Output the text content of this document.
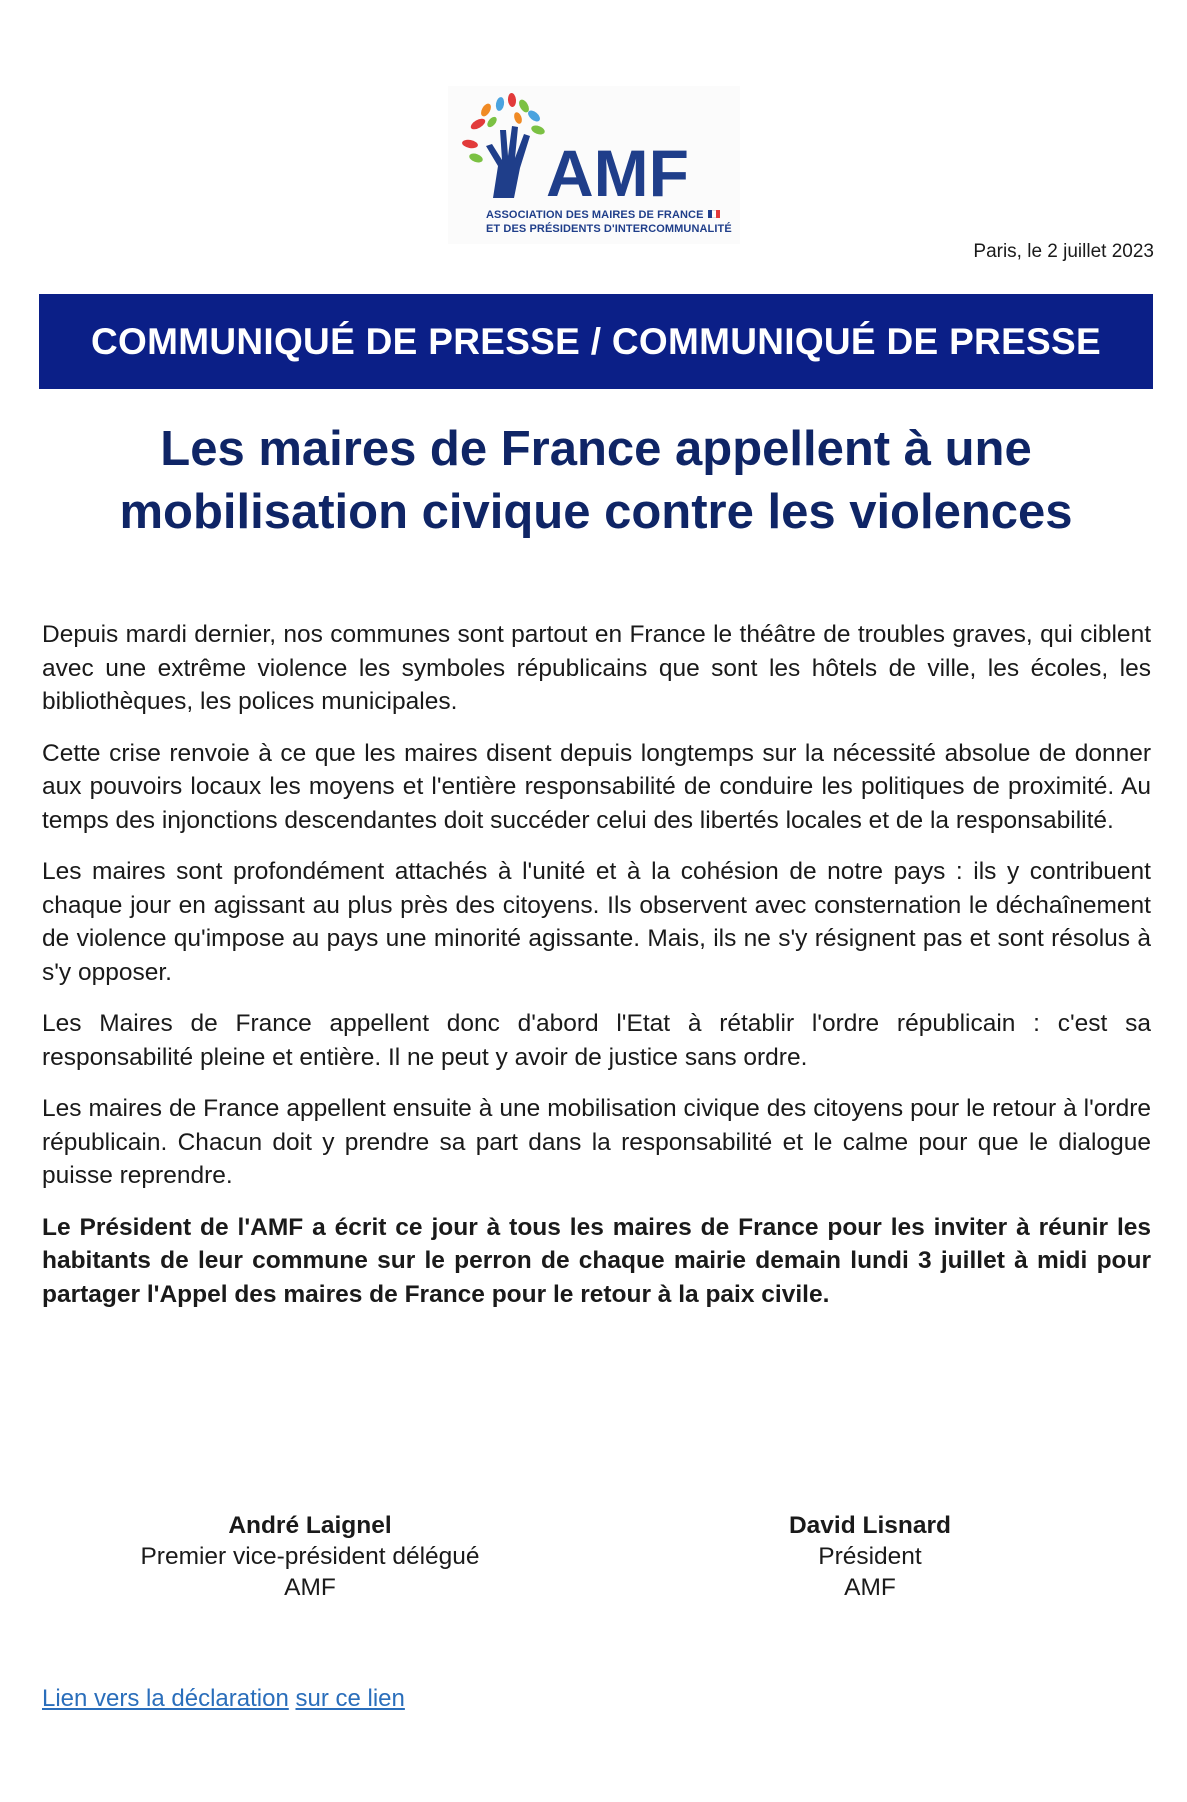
AMF
ASSOCIATION DES MAIRES DE FRANCE
ET DES PRÉSIDENTS D'INTERCOMMUNALITÉ
Paris, le 2 juillet 2023
COMMUNIQUÉ DE PRESSE / COMMUNIQUÉ DE PRESSE
Les maires de France appellent à une
mobilisation civique contre les violences

Depuis mardi dernier, nos communes sont partout en France le théâtre de troubles graves, qui ciblent avec une extrême violence les symboles républicains que sont les hôtels de ville, les écoles, les bibliothèques, les polices municipales.

Cette crise renvoie à ce que les maires disent depuis longtemps sur la nécessité absolue de donner aux pouvoirs locaux les moyens et l'entière responsabilité de conduire les politiques de proximité. Au temps des injonctions descendantes doit succéder celui des libertés locales et de la responsabilité.

Les maires sont profondément attachés à l'unité et à la cohésion de notre pays : ils y contribuent chaque jour en agissant au plus près des citoyens. Ils observent avec consternation le déchaînement de violence qu'impose au pays une minorité agissante. Mais, ils ne s'y résignent pas et sont résolus à s'y opposer.

Les Maires de France appellent donc d'abord l'Etat à rétablir l'ordre républicain : c'est sa responsabilité pleine et entière. Il ne peut y avoir de justice sans ordre.

Les maires de France appellent ensuite à une mobilisation civique des citoyens pour le retour à l'ordre républicain. Chacun doit y prendre sa part dans la responsabilité et le calme pour que le dialogue puisse reprendre.

Le Président de l'AMF a écrit ce jour à tous les maires de France pour les inviter à réunir les habitants de leur commune sur le perron de chaque mairie demain lundi 3 juillet à midi pour partager l'Appel des maires de France pour le retour à la paix civile.

André Laignel
Premier vice-président délégué
AMF
David Lisnard
Président
AMF
Lien vers la déclaration sur ce lien
